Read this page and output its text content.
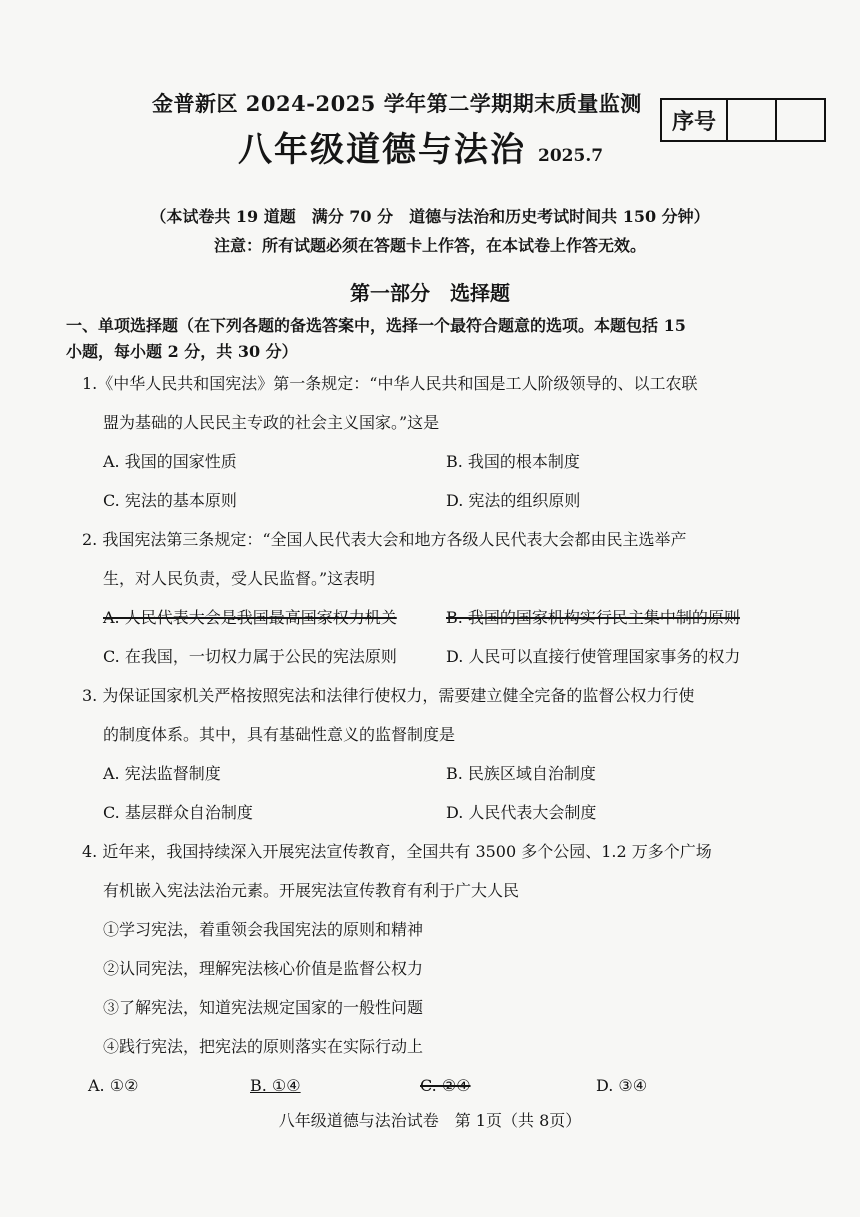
金普新区 2024-2025 学年第二学期期末质量监测
八年级道德与法治 2025.7
序号
（本试卷共 19 道题　满分 70 分　道德与法治和历史考试时间共 150 分钟）
注意：所有试题必须在答题卡上作答，在本试卷上作答无效。
第一部分　选择题
一、单项选择题（在下列各题的备选答案中，选择一个最符合题意的选项。本题包括 15
小题，每小题 2 分，共 30 分）
1.《中华人民共和国宪法》第一条规定：“中华人民共和国是工人阶级领导的、以工农联
盟为基础的人民民主专政的社会主义国家。”这是
A. 我国的国家性质	B. 我国的根本制度
C. 宪法的基本原则	D. 宪法的组织原则
2. 我国宪法第三条规定：“全国人民代表大会和地方各级人民代表大会都由民主选举产
生，对人民负责，受人民监督。”这表明
A. 人民代表大会是我国最高国家权力机关	B. 我国的国家机构实行民主集中制的原则
C. 在我国，一切权力属于公民的宪法原则	D. 人民可以直接行使管理国家事务的权力
3. 为保证国家机关严格按照宪法和法律行使权力，需要建立健全完备的监督公权力行使
的制度体系。其中，具有基础性意义的监督制度是
A. 宪法监督制度	B. 民族区域自治制度
C. 基层群众自治制度	D. 人民代表大会制度
4. 近年来，我国持续深入开展宪法宣传教育，全国共有 3500 多个公园、1.2 万多个广场
有机嵌入宪法法治元素。开展宪法宣传教育有利于广大人民
①学习宪法，着重领会我国宪法的原则和精神
②认同宪法，理解宪法核心价值是监督公权力
③了解宪法，知道宪法规定国家的一般性问题
④践行宪法，把宪法的原则落实在实际行动上
A. ①②	B. ①④	C. ②④	D. ③④
八年级道德与法治试卷　第 1页（共 8页）
